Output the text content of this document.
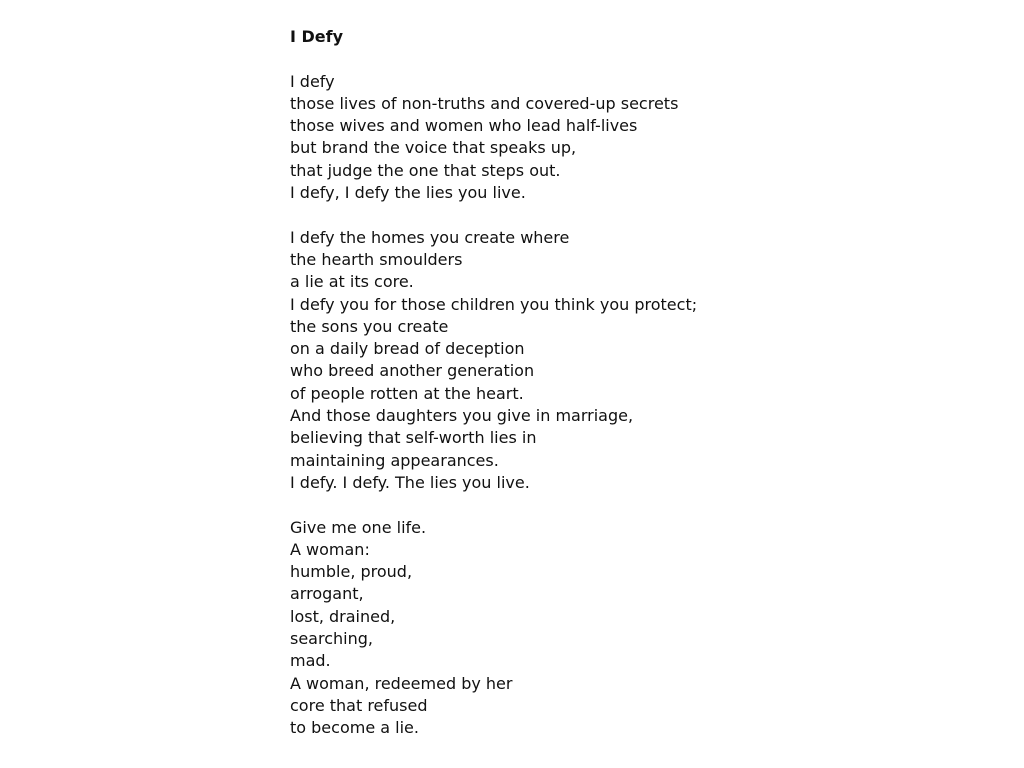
I Defy
I defy
those lives of non-truths and covered-up secrets
those wives and women who lead half-lives
but brand the voice that speaks up,
that judge the one that steps out.
I defy, I defy the lies you live.
I defy the homes you create where
the hearth smoulders
a lie at its core.
I defy you for those children you think you protect;
the sons you create
on a daily bread of deception
who breed another generation
of people rotten at the heart.
And those daughters you give in marriage,
believing that self-worth lies in
maintaining appearances.
I defy. I defy. The lies you live.
Give me one life.
A woman:
humble, proud,
arrogant,
lost, drained,
searching,
mad.
A woman, redeemed by her
core that refused
to become a lie.
